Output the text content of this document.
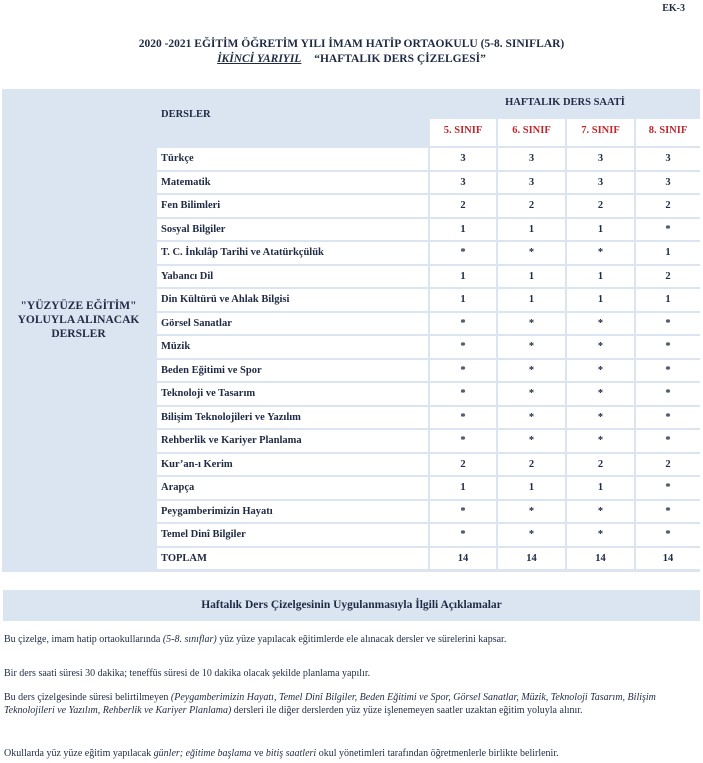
EK-3
2020 -2021 EĞİTİM ÖĞRETİM YILI İMAM HATİP ORTAOKULU (5-8. SINIFLAR)
İKİNCİ YARIYIL “HAFTALIK DERS ÇİZELGESİ”
"YÜZYÜZE EĞİTİM" YOLUYLA ALINACAK DERSLER
DERSLER
HAFTALIK DERS SAATİ
5. SINIF	6. SINIF	7. SINIF	8. SINIF
Türkçe	3	3	3	3
Matematik	3	3	3	3
Fen Bilimleri	2	2	2	2
Sosyal Bilgiler	1	1	1	*
T. C. İnkılâp Tarihi ve Atatürkçülük	*	*	*	1
Yabancı Dil	1	1	1	2
Din Kültürü ve Ahlak Bilgisi	1	1	1	1
Görsel Sanatlar	*	*	*	*
Müzik	*	*	*	*
Beden Eğitimi ve Spor	*	*	*	*
Teknoloji ve Tasarım	*	*	*	*
Bilişim Teknolojileri ve Yazılım	*	*	*	*
Rehberlik ve Kariyer Planlama	*	*	*	*
Kur’an-ı Kerim	2	2	2	2
Arapça	1	1	1	*
Peygamberimizin Hayatı	*	*	*	*
Temel Dinî Bilgiler	*	*	*	*
TOPLAM	14	14	14	14
Haftalık Ders Çizelgesinin Uygulanmasıyla İlgili Açıklamalar
Bu çizelge, imam hatip ortaokullarında (5-8. sınıflar) yüz yüze yapılacak eğitimlerde ele alınacak dersler ve sürelerini kapsar.
Bir ders saati süresi 30 dakika; teneffüs süresi de 10 dakika olacak şekilde planlama yapılır.
Bu ders çizelgesinde süresi belirtilmeyen (Peygamberimizin Hayatı, Temel Dinî Bilgiler, Beden Eğitimi ve Spor, Görsel Sanatlar, Müzik, Teknoloji Tasarım, Bilişim Teknolojileri ve Yazılım, Rehberlik ve Kariyer Planlama) dersleri ile diğer derslerden yüz yüze işlenemeyen saatler uzaktan eğitim yoluyla alınır.
Okullarda yüz yüze eğitim yapılacak günler; eğitime başlama ve bitiş saatleri okul yönetimleri tarafından öğretmenlerle birlikte belirlenir.
